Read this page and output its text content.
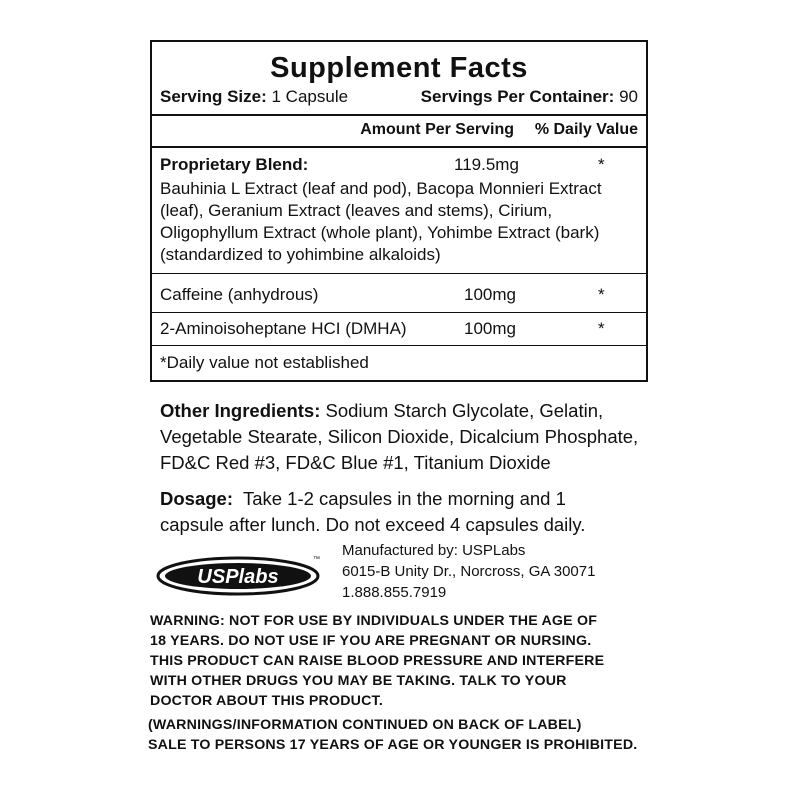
Supplement Facts
Serving Size: 1 Capsule	Servings Per Container: 90
Amount Per Serving % Daily Value
Proprietary Blend:	119.5mg	*
Bauhinia L Extract (leaf and pod), Bacopa Monnieri Extract
(leaf), Geranium Extract (leaves and stems), Cirium,
Oligophyllum Extract (whole plant), Yohimbe Extract (bark)
(standardized to yohimbine alkaloids)
Caffeine (anhydrous)	100mg	*
2-Aminoisoheptane HCI (DMHA)	100mg	*
*Daily value not established
Other Ingredients: Sodium Starch Glycolate, Gelatin,
Vegetable Stearate, Silicon Dioxide, Dicalcium Phosphate,
FD&C Red #3, FD&C Blue #1, Titanium Dioxide
Dosage:  Take 1-2 capsules in the morning and 1
capsule after lunch. Do not exceed 4 capsules daily.
USPlabs
™
Manufactured by: USPLabs
6015-B Unity Dr., Norcross, GA 30071
1.888.855.7919
WARNING: NOT FOR USE BY INDIVIDUALS UNDER THE AGE OF
18 YEARS. DO NOT USE IF YOU ARE PREGNANT OR NURSING.
THIS PRODUCT CAN RAISE BLOOD PRESSURE AND INTERFERE
WITH OTHER DRUGS YOU MAY BE TAKING. TALK TO YOUR
DOCTOR ABOUT THIS PRODUCT.
(WARNINGS/INFORMATION CONTINUED ON BACK OF LABEL)
SALE TO PERSONS 17 YEARS OF AGE OR YOUNGER IS PROHIBITED.
